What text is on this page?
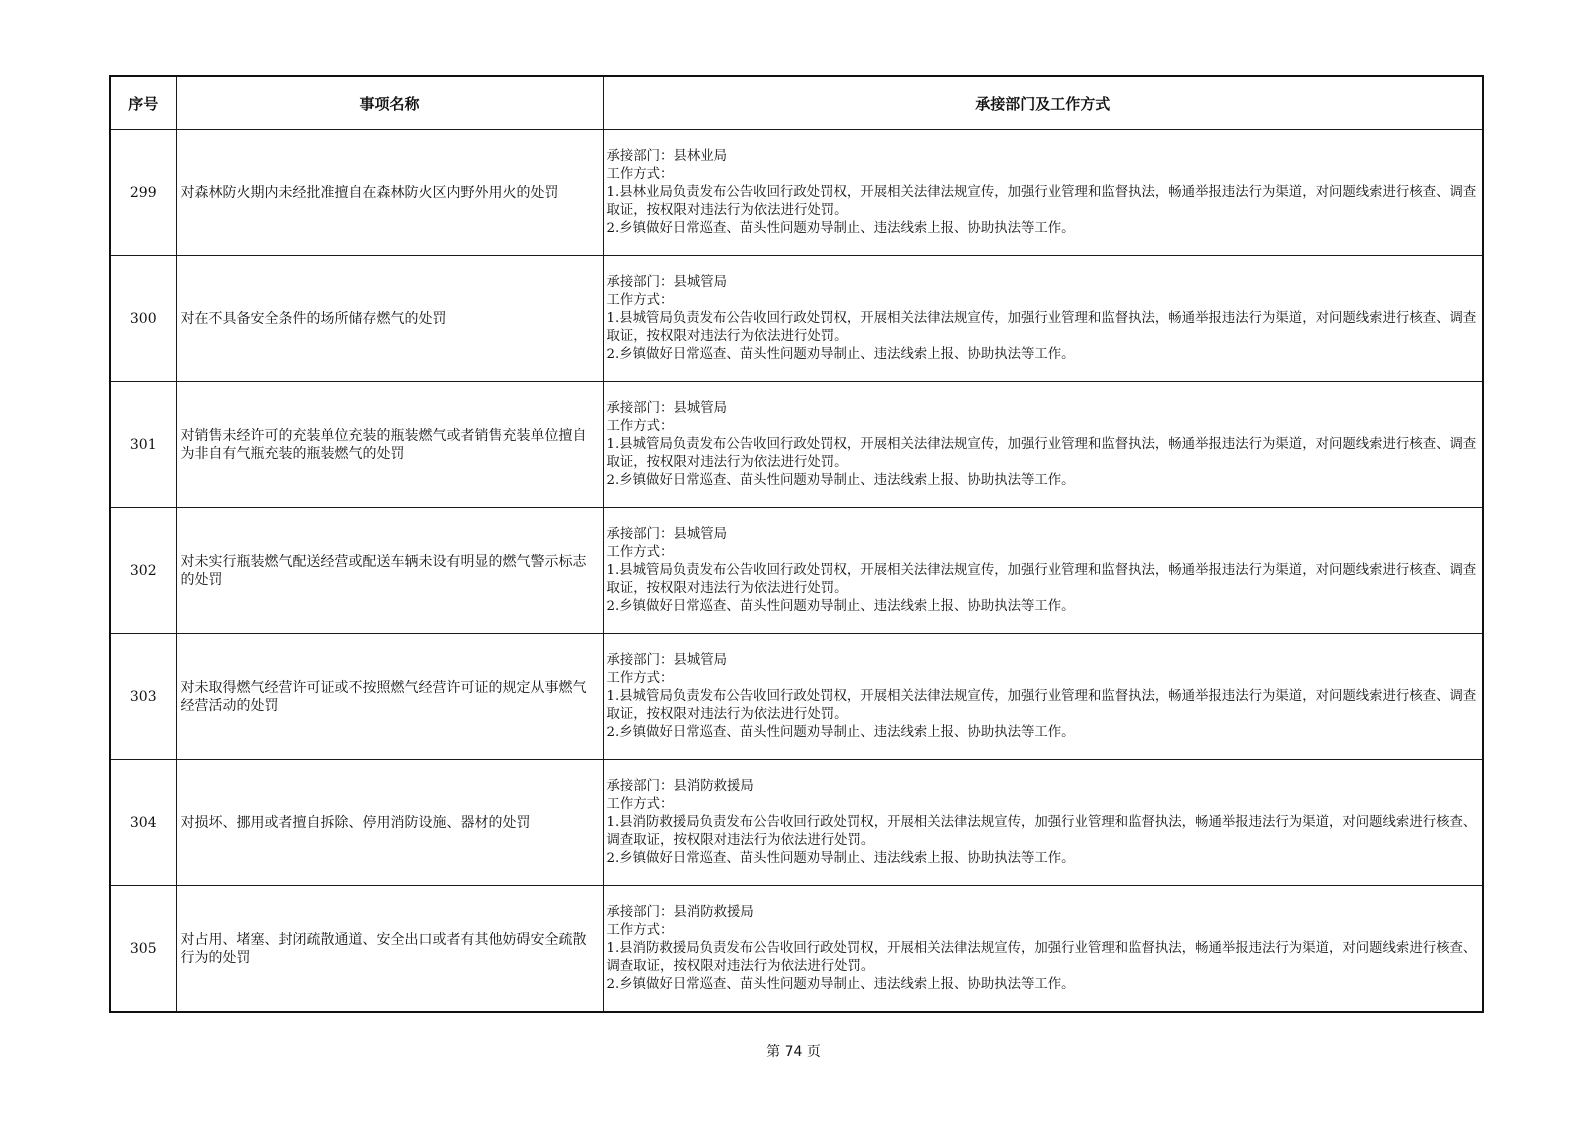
序号	事项名称	承接部门及工作方式
299	对森林防火期内未经批准擅自在森林防火区内野外用火的处罚	承接部门：县林业局
工作方式：
1.县林业局负责发布公告收回行政处罚权，开展相关法律法规宣传，加强行业管理和监督执法，畅通举报违法行为渠道，对问题线索进行核查、调查取证，按权限对违法行为依法进行处罚。
2.乡镇做好日常巡查、苗头性问题劝导制止、违法线索上报、协助执法等工作。

300	对在不具备安全条件的场所储存燃气的处罚	承接部门：县城管局
工作方式：
1.县城管局负责发布公告收回行政处罚权，开展相关法律法规宣传，加强行业管理和监督执法，畅通举报违法行为渠道，对问题线索进行核查、调查取证，按权限对违法行为依法进行处罚。
2.乡镇做好日常巡查、苗头性问题劝导制止、违法线索上报、协助执法等工作。

301	对销售未经许可的充装单位充装的瓶装燃气或者销售充装单位擅自为非自有气瓶充装的瓶装燃气的处罚	承接部门：县城管局
工作方式：
1.县城管局负责发布公告收回行政处罚权，开展相关法律法规宣传，加强行业管理和监督执法，畅通举报违法行为渠道，对问题线索进行核查、调查取证，按权限对违法行为依法进行处罚。
2.乡镇做好日常巡查、苗头性问题劝导制止、违法线索上报、协助执法等工作。

302	对未实行瓶装燃气配送经营或配送车辆未设有明显的燃气警示标志的处罚	承接部门：县城管局
工作方式：
1.县城管局负责发布公告收回行政处罚权，开展相关法律法规宣传，加强行业管理和监督执法，畅通举报违法行为渠道，对问题线索进行核查、调查取证，按权限对违法行为依法进行处罚。
2.乡镇做好日常巡查、苗头性问题劝导制止、违法线索上报、协助执法等工作。

303	对未取得燃气经营许可证或不按照燃气经营许可证的规定从事燃气经营活动的处罚	承接部门：县城管局
工作方式：
1.县城管局负责发布公告收回行政处罚权，开展相关法律法规宣传，加强行业管理和监督执法，畅通举报违法行为渠道，对问题线索进行核查、调查取证，按权限对违法行为依法进行处罚。
2.乡镇做好日常巡查、苗头性问题劝导制止、违法线索上报、协助执法等工作。

304	对损坏、挪用或者擅自拆除、停用消防设施、器材的处罚	承接部门：县消防救援局
工作方式：
1.县消防救援局负责发布公告收回行政处罚权，开展相关法律法规宣传，加强行业管理和监督执法，畅通举报违法行为渠道，对问题线索进行核查、调查取证，按权限对违法行为依法进行处罚。
2.乡镇做好日常巡查、苗头性问题劝导制止、违法线索上报、协助执法等工作。

305	对占用、堵塞、封闭疏散通道、安全出口或者有其他妨碍安全疏散行为的处罚	承接部门：县消防救援局
工作方式：
1.县消防救援局负责发布公告收回行政处罚权，开展相关法律法规宣传，加强行业管理和监督执法，畅通举报违法行为渠道，对问题线索进行核查、调查取证，按权限对违法行为依法进行处罚。
2.乡镇做好日常巡查、苗头性问题劝导制止、违法线索上报、协助执法等工作。
第 74 页
